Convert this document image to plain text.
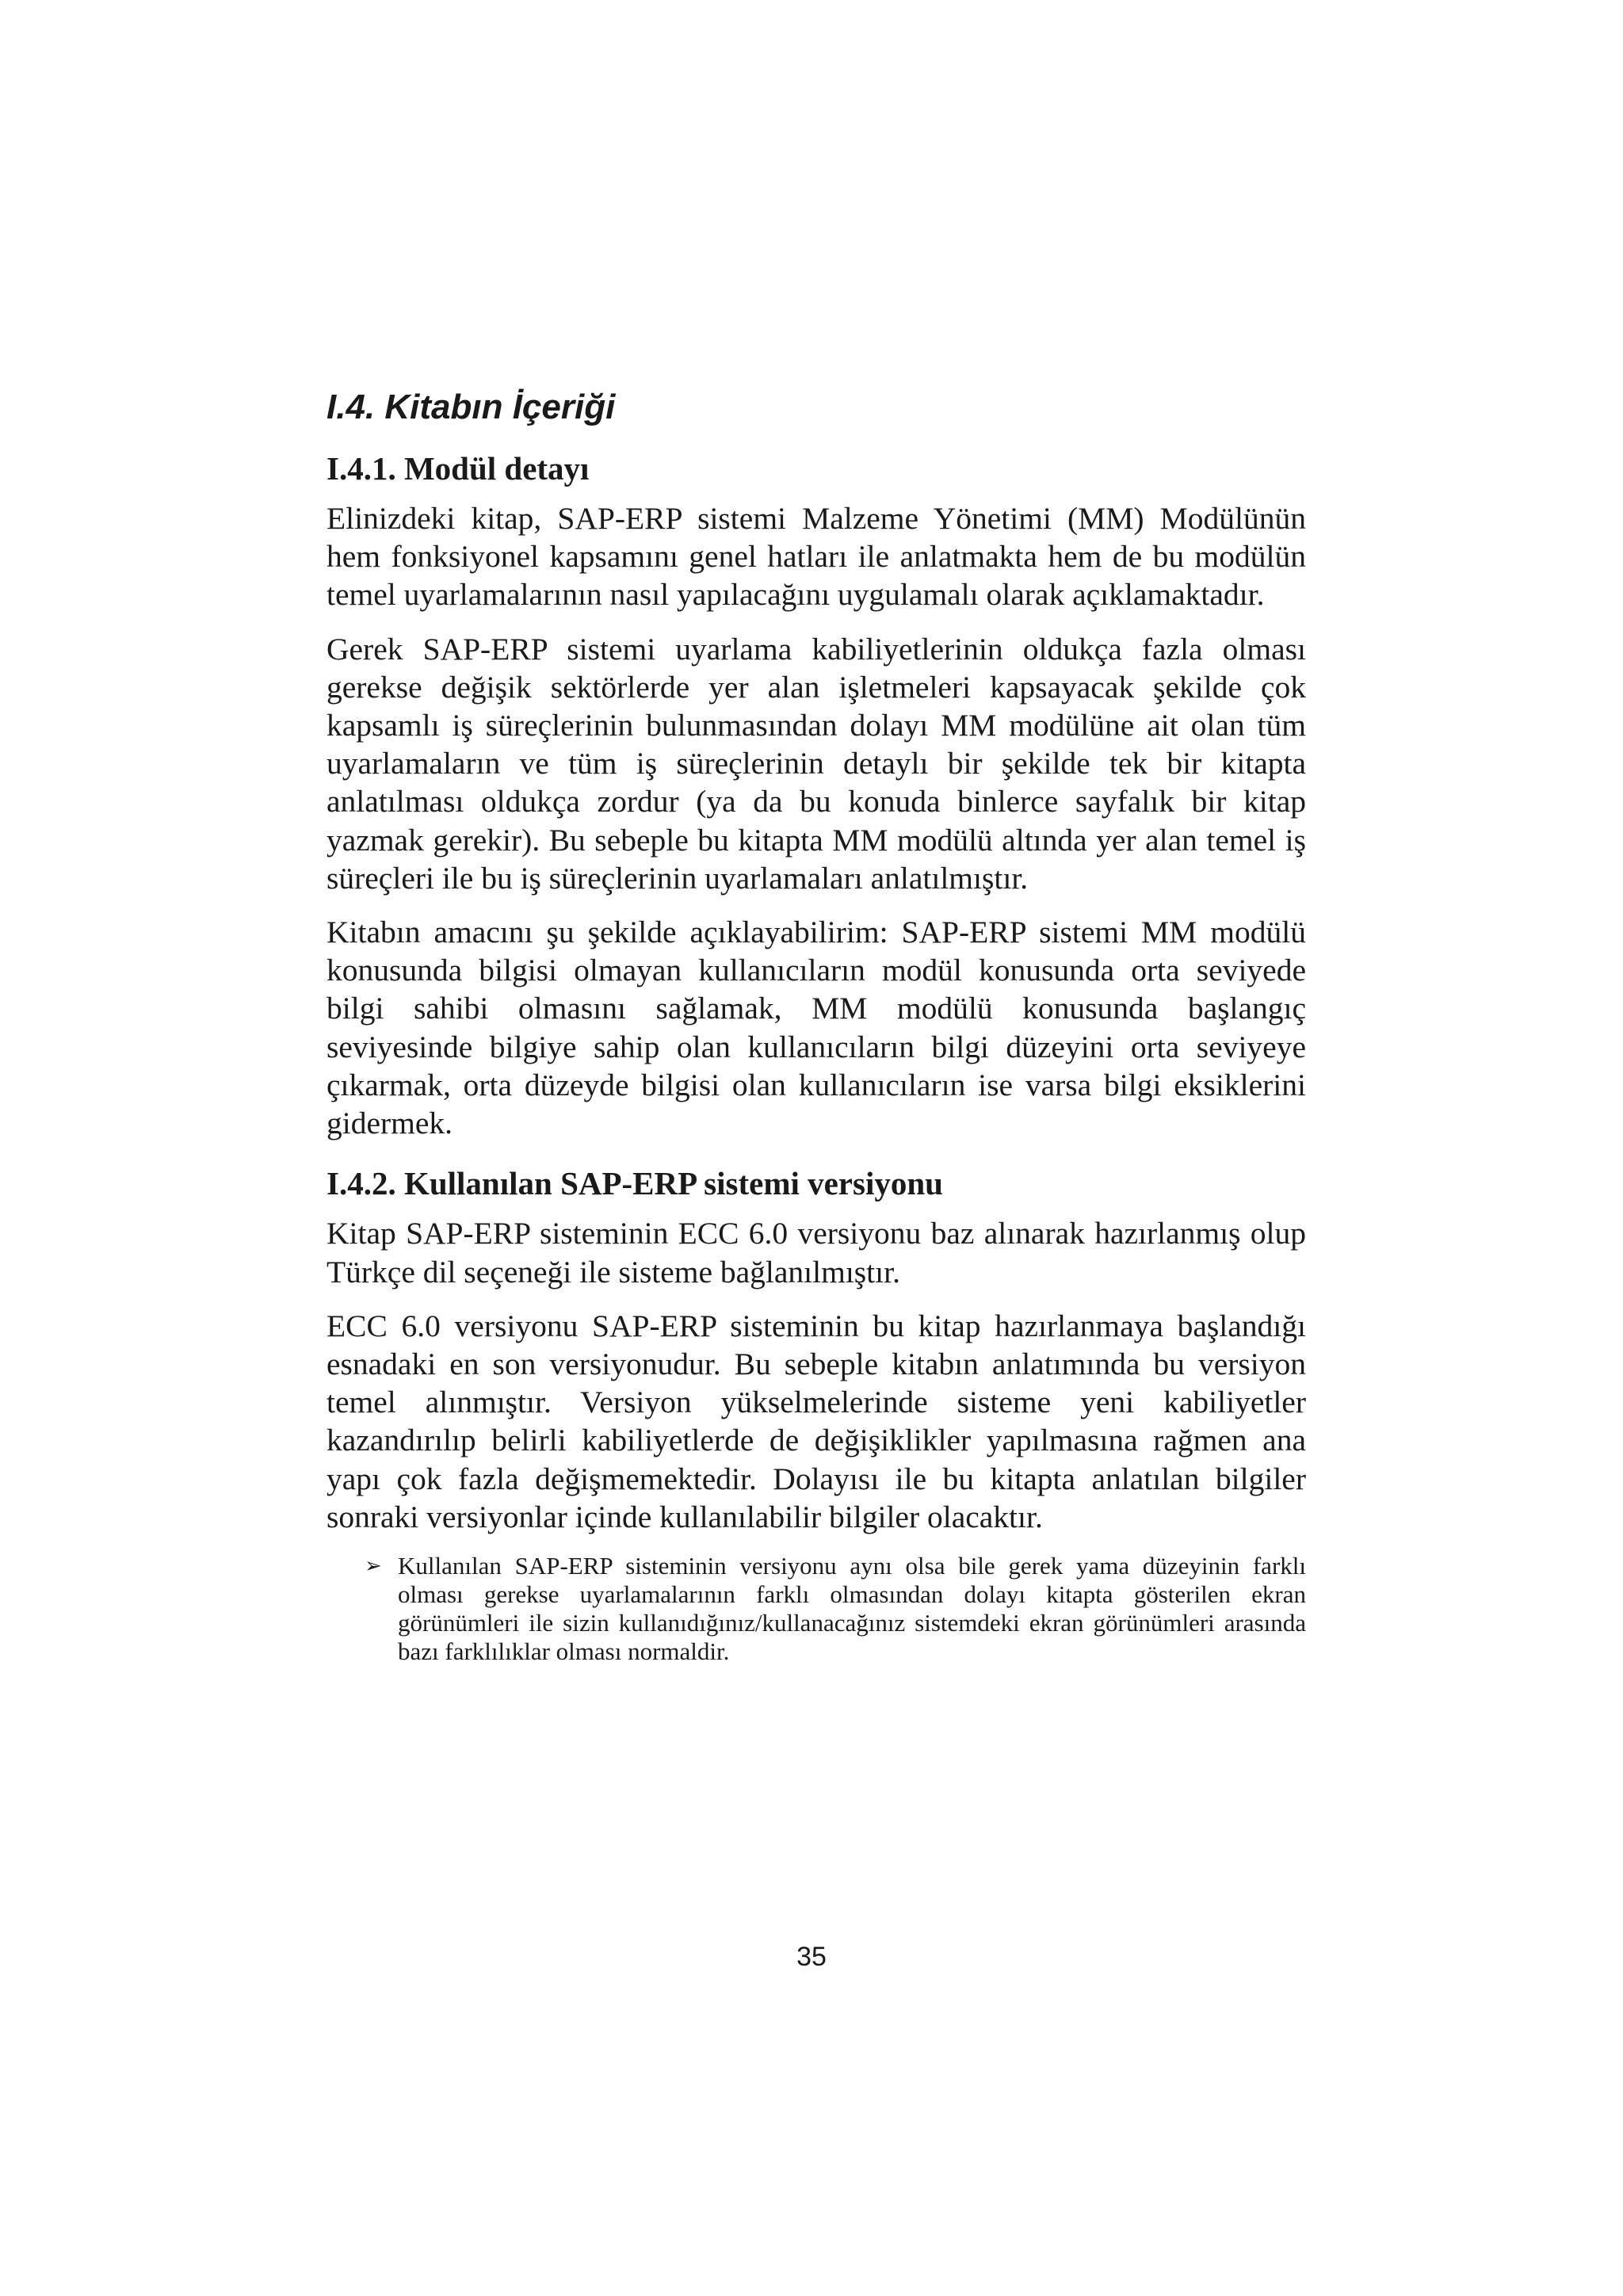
I.4. Kitabın İçeriği
I.4.1. Modül detayı

Elinizdeki kitap, SAP-ERP sistemi Malzeme Yönetimi (MM) Modülünün hem fonksiyonel kapsamını genel hatları ile anlatmakta hem de bu modülün temel uyarlamalarının nasıl yapılacağını uygulamalı olarak açıklamaktadır.

Gerek SAP-ERP sistemi uyarlama kabiliyetlerinin oldukça fazla olması gerekse değişik sektörlerde yer alan işletmeleri kapsayacak şekilde çok kapsamlı iş süreçlerinin bulunmasından dolayı MM modülüne ait olan tüm uyarlamaların ve tüm iş süreçlerinin detaylı bir şekilde tek bir kitapta anlatılması oldukça zordur (ya da bu konuda binlerce sayfalık bir kitap yazmak gerekir). Bu sebeple bu kitapta MM modülü altında yer alan temel iş süreçleri ile bu iş süreçlerinin uyarlamaları anlatılmıştır.

Kitabın amacını şu şekilde açıklayabilirim: SAP-ERP sistemi MM modülü konusunda bilgisi olmayan kullanıcıların modül konusunda orta seviyede bilgi sahibi olmasını sağlamak, MM modülü konusunda başlangıç seviyesinde bilgiye sahip olan kullanıcıların bilgi düzeyini orta seviyeye çıkarmak, orta düzeyde bilgisi olan kullanıcıların ise varsa bilgi eksiklerini gidermek.

I.4.2. Kullanılan SAP-ERP sistemi versiyonu

Kitap SAP-ERP sisteminin ECC 6.0 versiyonu baz alınarak hazırlanmış olup Türkçe dil seçeneği ile sisteme bağlanılmıştır.

ECC 6.0 versiyonu SAP-ERP sisteminin bu kitap hazırlanmaya başlandığı esnadaki en son versiyonudur. Bu sebeple kitabın anlatımında bu versiyon temel alınmıştır. Versiyon yükselmelerinde sisteme yeni kabiliyetler kazandırılıp belirli kabiliyetlerde de değişiklikler yapılmasına rağmen ana yapı çok fazla değişmemektedir. Dolayısı ile bu kitapta anlatılan bilgiler sonraki versiyonlar içinde kullanılabilir bilgiler olacaktır.

➢ Kullanılan SAP-ERP sisteminin versiyonu aynı olsa bile gerek yama düzeyinin farklı olması gerekse uyarlamalarının farklı olmasından dolayı kitapta gösterilen ekran görünümleri ile sizin kullanıdığınız/kullanacağınız sistemdeki ekran görünümleri arasında bazı farklılıklar olması normaldir.
35
